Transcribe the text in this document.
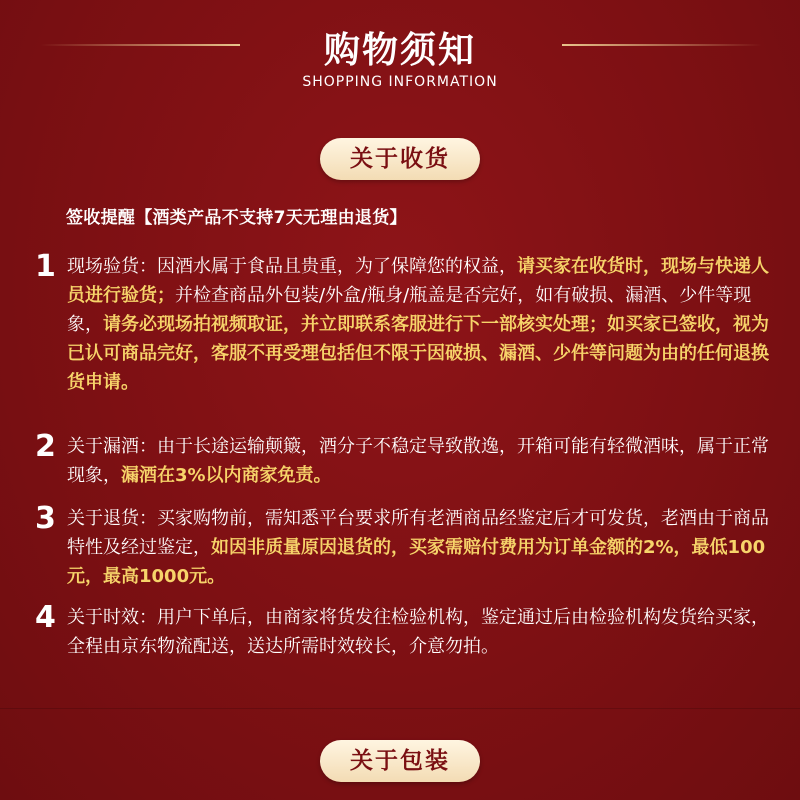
购物须知
SHOPPING INFORMATION
关于收货
签收提醒【酒类产品不支持7天无理由退货】
1 现场验货：因酒水属于食品且贵重，为了保障您的权益，请买家在收货时，现场与快递人员进行验货；并检查商品外包装/外盒/瓶身/瓶盖是否完好，如有破损、漏酒、少件等现象，请务必现场拍视频取证，并立即联系客服进行下一部核实处理；如买家已签收，视为已认可商品完好，客服不再受理包括但不限于因破损、漏酒、少件等问题为由的任何退换货申请。
2 关于漏酒：由于长途运输颠簸，酒分子不稳定导致散逸，开箱可能有轻微酒味，属于正常现象，漏酒在3%以内商家免责。
3 关于退货：买家购物前，需知悉平台要求所有老酒商品经鉴定后才可发货，老酒由于商品特性及经过鉴定，如因非质量原因退货的，买家需赔付费用为订单金额的2%，最低100元，最高1000元。
4 关于时效：用户下单后，由商家将货发往检验机构，鉴定通过后由检验机构发货给买家，全程由京东物流配送，送达所需时效较长，介意勿拍。
关于包装
